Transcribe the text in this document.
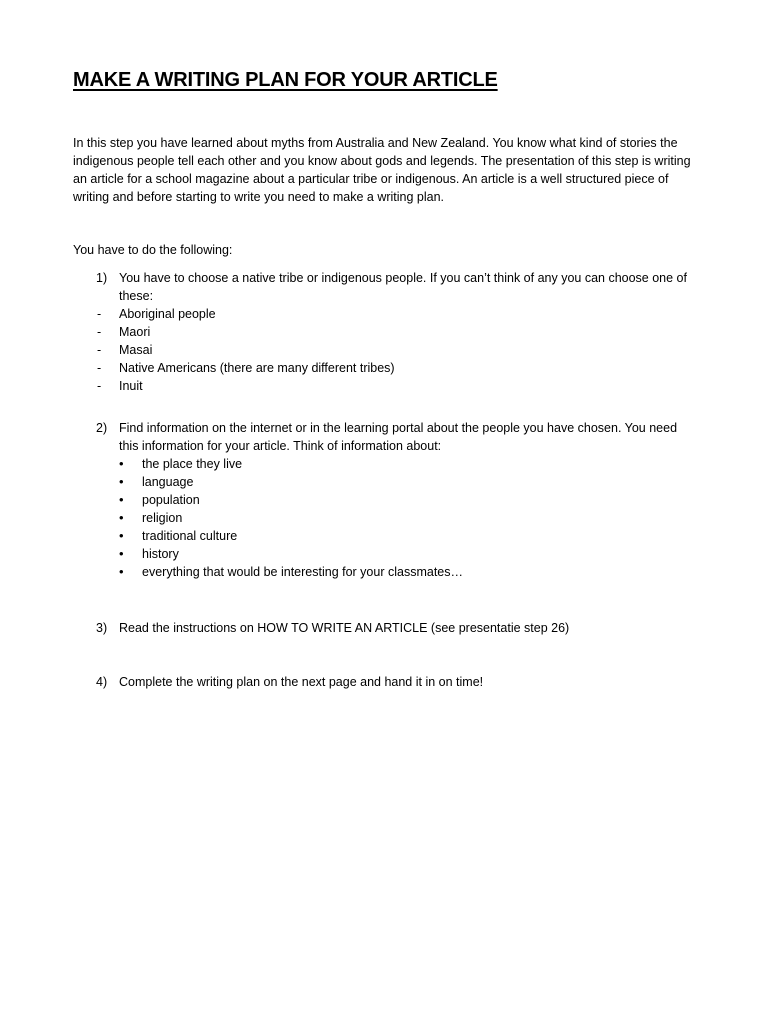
MAKE A WRITING PLAN FOR YOUR ARTICLE

In this step you have learned about myths from Australia and New Zealand. You know what kind of stories the indigenous people tell each other and you know about gods and legends. The presentation of this step is writing an article for a school magazine about a particular tribe or indigenous. An article is a well structured piece of writing and before starting to write you need to make a writing plan.

You have to do the following:

1) You have to choose a native tribe or indigenous people. If you can’t think of any you can choose one of these:
- Aboriginal people
- Maori
- Masai
- Native Americans (there are many different tribes)
- Inuit
2) Find information on the internet or in the learning portal about the people you have chosen. You need this information for your article. Think of information about:
• the place they live
• language
• population
• religion
• traditional culture
• history
• everything that would be interesting for your classmates…
3) Read the instructions on HOW TO WRITE AN ARTICLE (see presentatie step 26)
4) Complete the writing plan on the next page and hand it in on time!
